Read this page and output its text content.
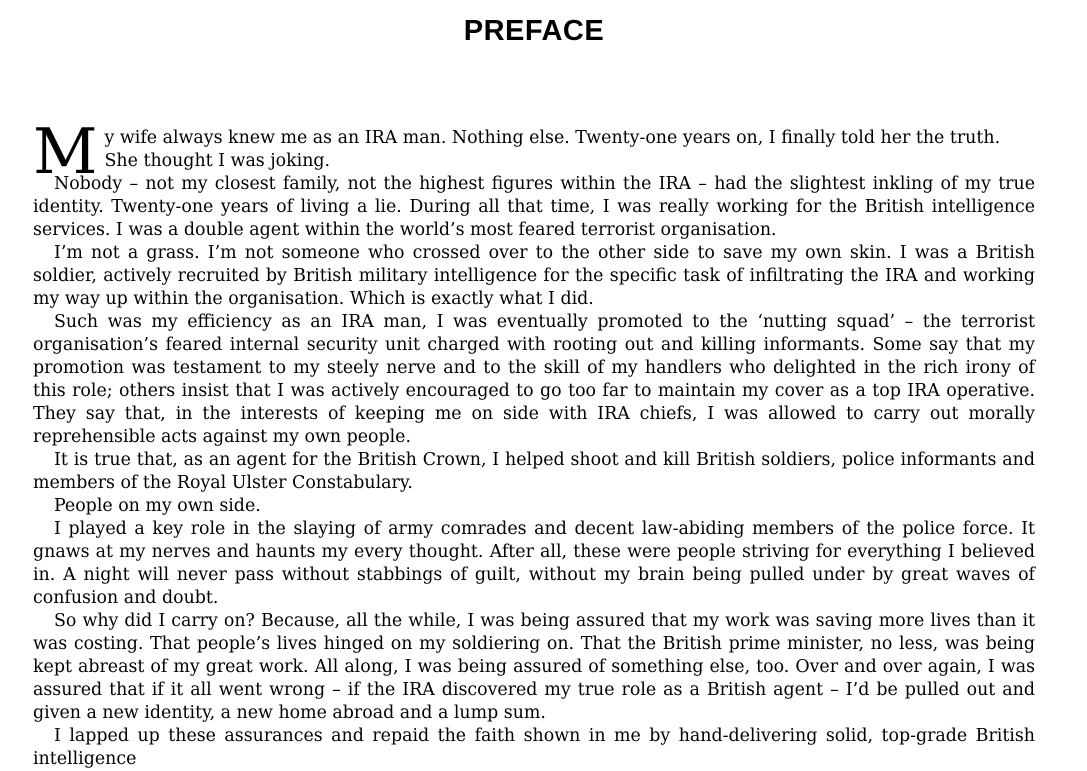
PREFACE

My wife always knew me as an IRA man. Nothing else. Twenty-one years on, I finally told her the truth.
She thought I was joking.

Nobody – not my closest family, not the highest figures within the IRA – had the slightest inkling of my true identity. Twenty-one years of living a lie. During all that time, I was really working for the British intelligence services. I was a double agent within the world’s most feared terrorist organisation.

I’m not a grass. I’m not someone who crossed over to the other side to save my own skin. I was a British soldier, actively recruited by British military intelligence for the specific task of infiltrating the IRA and working my way up within the organisation. Which is exactly what I did.

Such was my efficiency as an IRA man, I was eventually promoted to the ‘nutting squad’ – the terrorist organisation’s feared internal security unit charged with rooting out and killing informants. Some say that my promotion was testament to my steely nerve and to the skill of my handlers who delighted in the rich irony of this role; others insist that I was actively encouraged to go too far to maintain my cover as a top IRA operative. They say that, in the interests of keeping me on side with IRA chiefs, I was allowed to carry out morally reprehensible acts against my own people.

It is true that, as an agent for the British Crown, I helped shoot and kill British soldiers, police informants and members of the Royal Ulster Constabulary.

People on my own side.

I played a key role in the slaying of army comrades and decent law-abiding members of the police force. It gnaws at my nerves and haunts my every thought. After all, these were people striving for everything I believed in. A night will never pass without stabbings of guilt, without my brain being pulled under by great waves of confusion and doubt.

So why did I carry on? Because, all the while, I was being assured that my work was saving more lives than it was costing. That people’s lives hinged on my soldiering on. That the British prime minister, no less, was being kept abreast of my great work. All along, I was being assured of something else, too. Over and over again, I was assured that if it all went wrong – if the IRA discovered my true role as a British agent – I’d be pulled out and given a new identity, a new home abroad and a lump sum.

I lapped up these assurances and repaid the faith shown in me by hand-delivering solid, top-grade British intelligence
